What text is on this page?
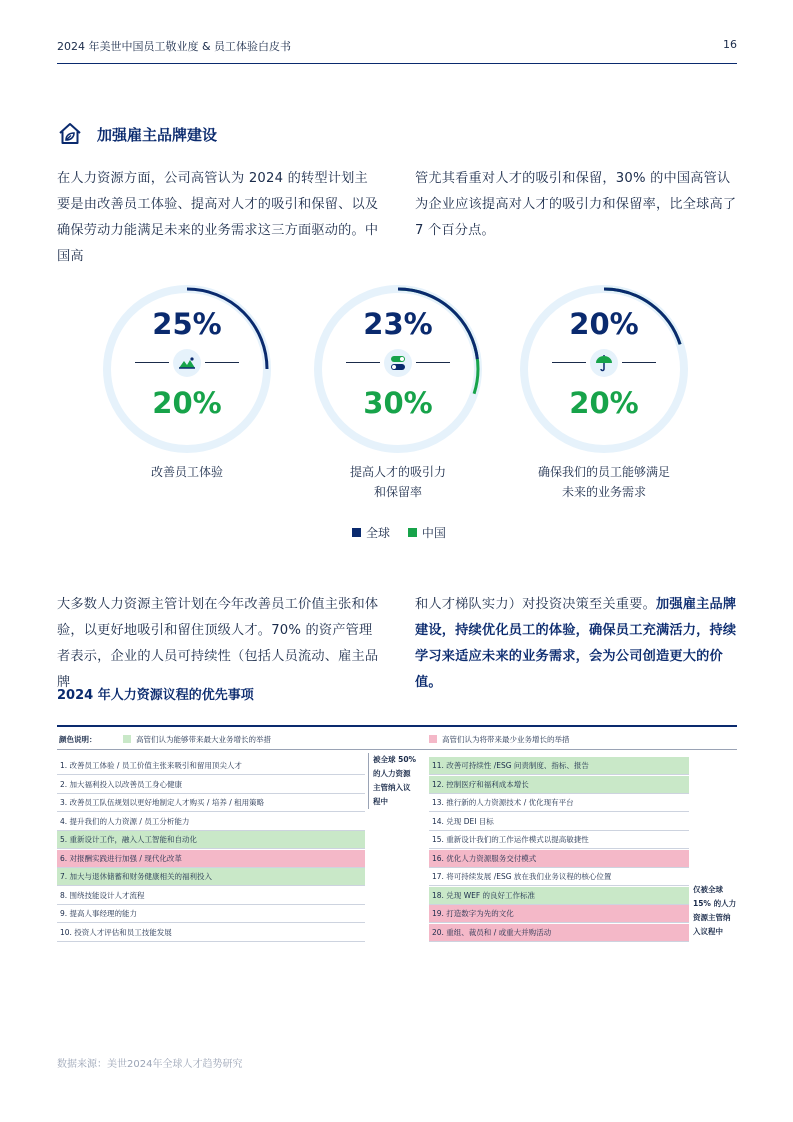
2024 年美世中国员工敬业度 & 员工体验白皮书	16
加强雇主品牌建设

在人力资源方面，公司高管认为 2024 的转型计划主要是由改善员工体验、提高对人才的吸引和保留、以及确保劳动力能满足未来的业务需求这三方面驱动的。中国高

管尤其看重对人才的吸引和保留，30% 的中国高管认为企业应该提高对人才的吸引力和保留率，比全球高了 7 个百分点。

25%
20%
改善员工体验
23%
30%
提高人才的吸引力
和保留率
20%
20%
确保我们的员工能够满足
未来的业务需求
全球	中国

大多数人力资源主管计划在今年改善员工价值主张和体验，以更好地吸引和留住顶级人才。70% 的资产管理者表示，企业的人员可持续性（包括人员流动、雇主品牌

和人才梯队实力）对投资决策至关重要。加强雇主品牌建设，持续优化员工的体验，确保员工充满活力，持续学习来适应未来的业务需求，会为公司创造更大的价值。

2024 年人力资源议程的优先事项
颜色说明：	高管们认为能够带来最大业务增长的举措	高管们认为将带来最少业务增长的举措
1. 改善员工体验 / 员工价值主张来吸引和留用顶尖人才
2. 加大福利投入以改善员工身心健康
3. 改善员工队伍规划以更好地制定人才购买 / 培养 / 租用策略
4. 提升我们的人力资源 / 员工分析能力
5. 重新设计工作，融入人工智能和自动化
6. 对报酬实践进行加强 / 现代化改革
7. 加大与退休储蓄和财务健康相关的福利投入
8. 围绕技能设计人才流程
9. 提高人事经理的能力
10. 投资人才评估和员工技能发展
11. 改善可持续性 /ESG 问责制度、指标、报告
12. 控制医疗和福利成本增长
13. 推行新的人力资源技术 / 优化现有平台
14. 兑现 DEI 目标
15. 重新设计我们的工作运作模式以提高敏捷性
16. 优化人力资源服务交付模式
17. 将可持续发展 /ESG 放在我们业务议程的核心位置
18. 兑现 WEF 的良好工作标准
19. 打造数字为先的文化
20. 重组、裁员和 / 或重大并购活动
被全球 50%
的人力资源
主管纳入议
程中
仅被全球
15% 的人力
资源主管纳
入议程中
数据来源：美世2024年全球人才趋势研究
